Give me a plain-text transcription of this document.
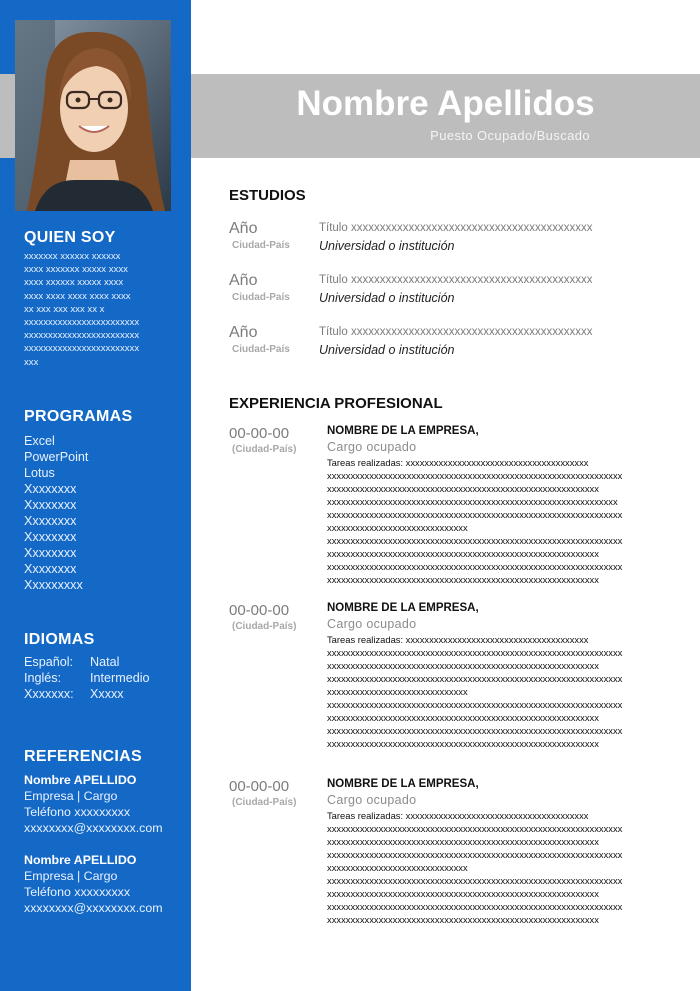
QUIEN SOY
xxxxxxx xxxxxx xxxxxx
xxxx xxxxxxx xxxxx xxxx
xxxx xxxxxx xxxxx xxxx
xxxx xxxx xxxx xxxx xxxx
xx xxx xxx xxx xx x
xxxxxxxxxxxxxxxxxxxxxxxx
xxxxxxxxxxxxxxxxxxxxxxxx
xxxxxxxxxxxxxxxxxxxxxxxx
xxx
PROGRAMAS
Excel
PowerPoint
Lotus
Xxxxxxxx
Xxxxxxxx
Xxxxxxxx
Xxxxxxxx
Xxxxxxxx
Xxxxxxxx
Xxxxxxxxx
IDIOMAS
Español:	Natal
Inglés:	Intermedio
Xxxxxxx:	Xxxxx
REFERENCIAS
Nombre APELLIDO
Empresa | Cargo
Teléfono xxxxxxxxx
xxxxxxxx@xxxxxxxx.com
Nombre APELLIDO
Empresa | Cargo
Teléfono xxxxxxxxx
xxxxxxxx@xxxxxxxx.com
Nombre Apellidos
Puesto Ocupado/Buscado
ESTUDIOS
Año
Ciudad-País
Título xxxxxxxxxxxxxxxxxxxxxxxxxxxxxxxxxxxxxxxxxx
Universidad o institución
Año
Ciudad-País
Título xxxxxxxxxxxxxxxxxxxxxxxxxxxxxxxxxxxxxxxxxx
Universidad o institución
Año
Ciudad-País
Título xxxxxxxxxxxxxxxxxxxxxxxxxxxxxxxxxxxxxxxxxx
Universidad o institución
EXPERIENCIA PROFESIONAL
00-00-00
(Ciudad-País)
NOMBRE DE LA EMPRESA,
Cargo ocupado
Tareas realizadas: xxxxxxxxxxxxxxxxxxxxxxxxxxxxxxxxxxxxxxx
xxxxxxxxxxxxxxxxxxxxxxxxxxxxxxxxxxxxxxxxxxxxxxxxxxxxxxxxxxxxxxx
xxxxxxxxxxxxxxxxxxxxxxxxxxxxxxxxxxxxxxxxxxxxxxxxxxxxxxxxxx
xxxxxxxxxxxxxxxxxxxxxxxxxxxxxxxxxxxxxxxxxxxxxxxxxxxxxxxxxxxxxx
xxxxxxxxxxxxxxxxxxxxxxxxxxxxxxxxxxxxxxxxxxxxxxxxxxxxxxxxxxxxxxx
xxxxxxxxxxxxxxxxxxxxxxxxxxxxxx
xxxxxxxxxxxxxxxxxxxxxxxxxxxxxxxxxxxxxxxxxxxxxxxxxxxxxxxxxxxxxxx
xxxxxxxxxxxxxxxxxxxxxxxxxxxxxxxxxxxxxxxxxxxxxxxxxxxxxxxxxx
xxxxxxxxxxxxxxxxxxxxxxxxxxxxxxxxxxxxxxxxxxxxxxxxxxxxxxxxxxxxxxx
xxxxxxxxxxxxxxxxxxxxxxxxxxxxxxxxxxxxxxxxxxxxxxxxxxxxxxxxxx
00-00-00
(Ciudad-País)
NOMBRE DE LA EMPRESA,
Cargo ocupado
Tareas realizadas: xxxxxxxxxxxxxxxxxxxxxxxxxxxxxxxxxxxxxxx
xxxxxxxxxxxxxxxxxxxxxxxxxxxxxxxxxxxxxxxxxxxxxxxxxxxxxxxxxxxxxxx
xxxxxxxxxxxxxxxxxxxxxxxxxxxxxxxxxxxxxxxxxxxxxxxxxxxxxxxxxx
xxxxxxxxxxxxxxxxxxxxxxxxxxxxxxxxxxxxxxxxxxxxxxxxxxxxxxxxxxxxxxx
xxxxxxxxxxxxxxxxxxxxxxxxxxxxxx
xxxxxxxxxxxxxxxxxxxxxxxxxxxxxxxxxxxxxxxxxxxxxxxxxxxxxxxxxxxxxxx
xxxxxxxxxxxxxxxxxxxxxxxxxxxxxxxxxxxxxxxxxxxxxxxxxxxxxxxxxx
xxxxxxxxxxxxxxxxxxxxxxxxxxxxxxxxxxxxxxxxxxxxxxxxxxxxxxxxxxxxxxx
xxxxxxxxxxxxxxxxxxxxxxxxxxxxxxxxxxxxxxxxxxxxxxxxxxxxxxxxxx
00-00-00
(Ciudad-País)
NOMBRE DE LA EMPRESA,
Cargo ocupado
Tareas realizadas: xxxxxxxxxxxxxxxxxxxxxxxxxxxxxxxxxxxxxxx
xxxxxxxxxxxxxxxxxxxxxxxxxxxxxxxxxxxxxxxxxxxxxxxxxxxxxxxxxxxxxxx
xxxxxxxxxxxxxxxxxxxxxxxxxxxxxxxxxxxxxxxxxxxxxxxxxxxxxxxxxx
xxxxxxxxxxxxxxxxxxxxxxxxxxxxxxxxxxxxxxxxxxxxxxxxxxxxxxxxxxxxxxx
xxxxxxxxxxxxxxxxxxxxxxxxxxxxxx
xxxxxxxxxxxxxxxxxxxxxxxxxxxxxxxxxxxxxxxxxxxxxxxxxxxxxxxxxxxxxxx
xxxxxxxxxxxxxxxxxxxxxxxxxxxxxxxxxxxxxxxxxxxxxxxxxxxxxxxxxx
xxxxxxxxxxxxxxxxxxxxxxxxxxxxxxxxxxxxxxxxxxxxxxxxxxxxxxxxxxxxxxx
xxxxxxxxxxxxxxxxxxxxxxxxxxxxxxxxxxxxxxxxxxxxxxxxxxxxxxxxxx
